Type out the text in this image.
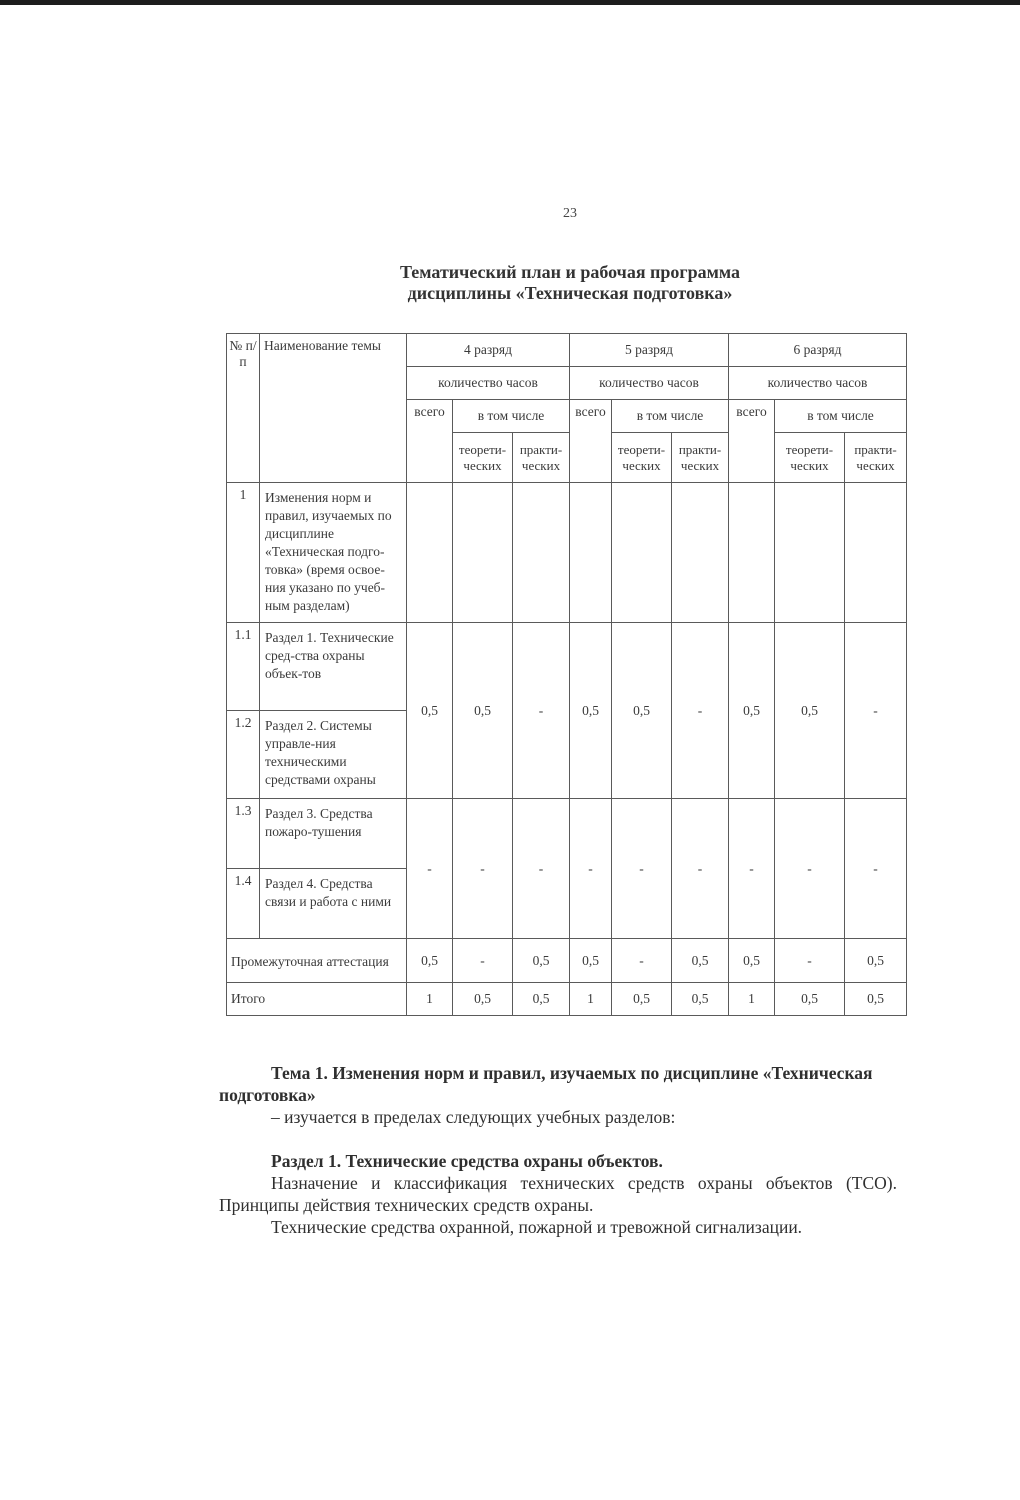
23
Тематический план и рабочая программа
дисциплины «Техническая подготовка»
№ п/п	Наименование темы	4 разряд			5 разряд			6 разряд		
		количество часов			количество часов			количество часов		
		всего	в том числе		всего	в том числе		всего	в том числе	
			теорети-ческих	практи-ческих		теорети-ческих	практи-ческих		теорети-ческих	практи-ческих
1	Изменения норм и правил, изучаемых по дисциплине «Техническая подго-товка» (время освое-ния указано по учеб-ным разделам)									
1.1	Раздел 1. Технические сред-ства охраны объек-тов	0,5	0,5	-	0,5	0,5	-	0,5	0,5	-
1.2	Раздел 2. Системы управле-ния техническими средствами охраны									
1.3	Раздел 3. Средства пожаро-тушения	-	-	-	-	-	-	-	-	-
1.4	Раздел 4. Средства связи и работа с ними									
Промежуточная аттестация		0,5	-	0,5	0,5	-	0,5	0,5	-	0,5
Итого		1	0,5	0,5	1	0,5	0,5	1	0,5	0,5

Тема 1. Изменения норм и правил, изучаемых по дисциплине «Техническая подготовка»

– изучается в пределах следующих учебных разделов:

Раздел 1. Технические средства охраны объектов.

Назначение и классификация технических средств охраны объектов (ТСО). Принципы действия технических средств охраны.

Технические средства охранной, пожарной и тревожной сигнализации.
